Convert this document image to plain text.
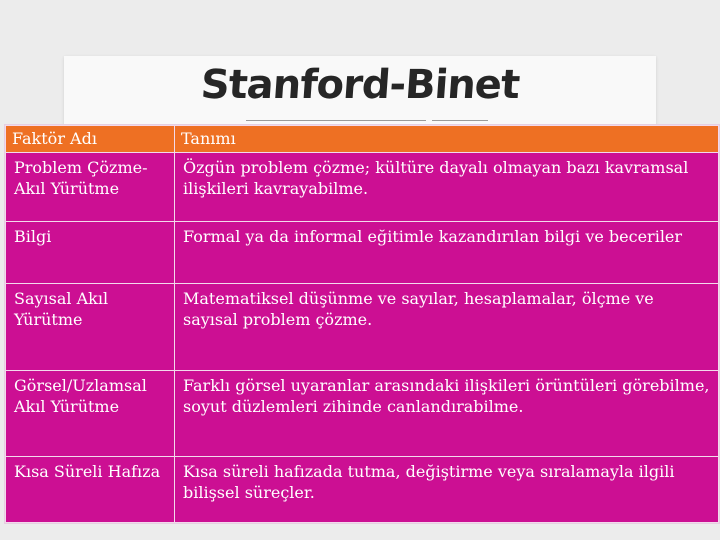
Stanford-Binet
Faktör Adı	Tanımı
Problem Çözme-Akıl Yürütme	Özgün problem çözme; kültüre dayalı olmayan bazı kavramsal ilişkileri kavrayabilme.
Bilgi	Formal ya da informal eğitimle kazandırılan bilgi ve beceriler
Sayısal Akıl Yürütme	Matematiksel düşünme ve sayılar, hesaplamalar, ölçme ve sayısal problem çözme.
Görsel/Uzlamsal Akıl Yürütme	Farklı görsel uyaranlar arasındaki ilişkileri örüntüleri görebilme, soyut düzlemleri zihinde canlandırabilme.
Kısa Süreli Hafıza	Kısa süreli hafızada tutma, değiştirme veya sıralamayla ilgili bilişsel süreçler.
